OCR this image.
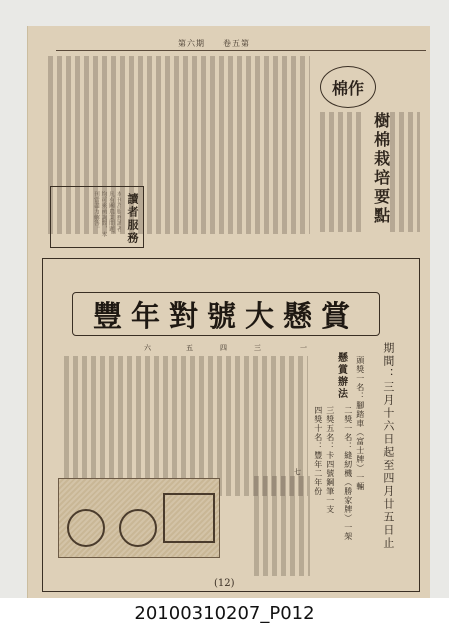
第六期　　卷五第
棉作
樹棉栽培要點
讀者服務
本刊為服務讀者，凡有關農業問題，均可來函詢問，本刊當盡力解答。
豐年對號大懸賞
期間：三月十六日起至四月廿五日止
懸賞辦法 頭獎一名：腳踏車（富士牌）一輛
二獎一名：縫紉機（勝家牌）一架
三獎五名：卡四號鋼筆一支
四獎十名：豐年二年份
一
三
四
五
六
七
(12)
20100310207_P012
